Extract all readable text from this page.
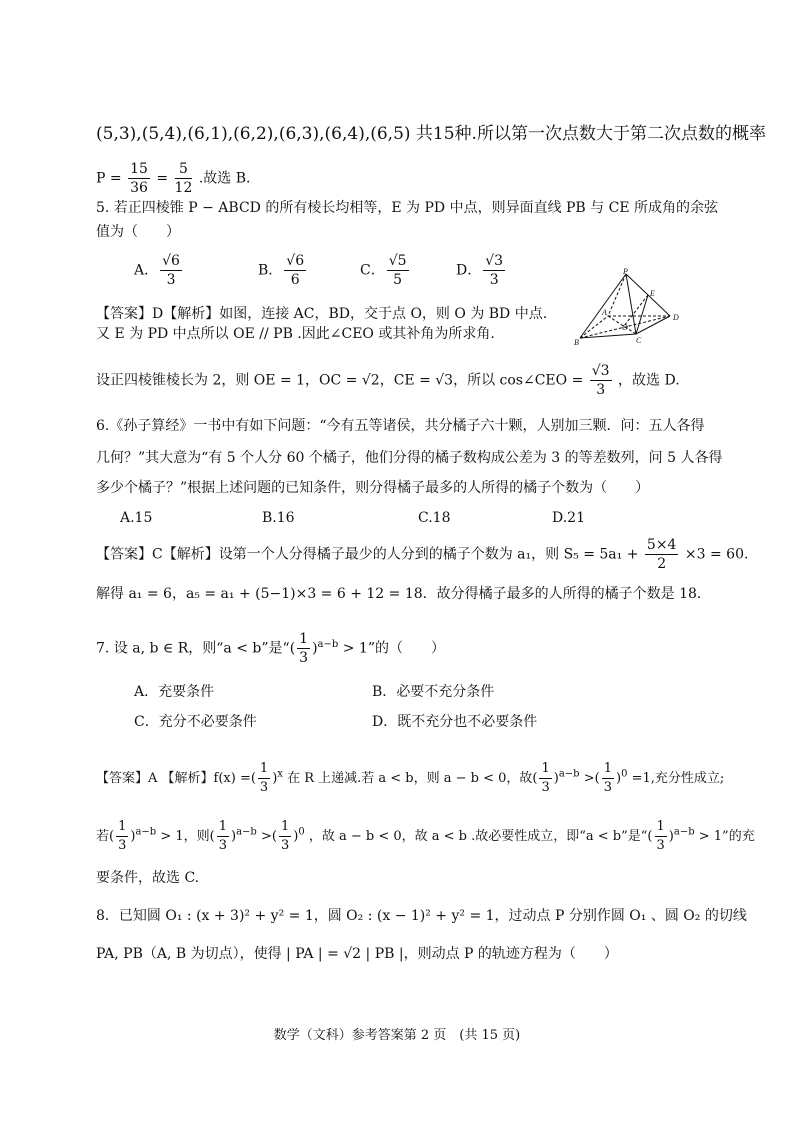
(5,3),(5,4),(6,1),(6,2),(6,3),(6,4),(6,5) 共15种.所以第一次点数大于第二次点数的概率
$P = \frac{15}{36} = \frac{5}{12}$ .故选 B.
5. 若正四棱锥 P − ABCD 的所有棱长均相等，E 为 PD 中点，则异面直线 PB 与 CE 所成角的余弦
值为（　　）
A． $\frac{√6}{3}$	B． $\frac{√6}{6}$	C． $\frac{√5}{5}$	D． $\frac{√3}{3}$
【答案】D【解析】如图，连接 AC，BD，交于点 O，则 O 为 BD 中点.
又 E 为 PD 中点所以 OE // PB .因此∠CEO 或其补角为所求角.
P
E
D
A
O
B	C
设正四棱锥棱长为 2，则 OE = 1，OC = √2，CE = √3，所以 cos∠CEO = $\frac{√3}{3}$ ，故选 D.
6.《孙子算经》一书中有如下问题：“今有五等诸侯，共分橘子六十颗，人别加三颗．问：五人各得
几何？”其大意为“有 5 个人分 60 个橘子，他们分得的橘子数构成公差为 3 的等差数列，问 5 人各得
多少个橘子？”根据上述问题的已知条件，则分得橘子最多的人所得的橘子个数为（　　）
A.15	B.16	C.18	D.21
【答案】C【解析】设第一个人分得橘子最少的人分到的橘子个数为 a₁，则 $S_5 = 5a_1 + \frac{5\times 4}{2} \times 3 = 60$.
解得 a₁ = 6，a₅ = a₁ + (5−1)×3 = 6 + 12 = 18．故分得橘子最多的人所得的橘子个数是 18．
7. 设 a, b ∈ R，则“a < b”是“( $\frac{1}{3} )^{a-b} > 1$”的（　　）
A．充要条件	B．必要不充分条件
C．充分不必要条件	D．既不充分也不必要条件
【答案】A 【解析】f(x) =( $\frac{1}{3} )^x$ 在 R 上递减.若 a < b，则 a − b < 0，故( $\frac{1}{3} )^{a-b}$ >( $\frac{1}{3} )^0 =1$,充分性成立;
若( $\frac{1}{3} )^{a-b} > 1$，则( $\frac{1}{3} )^{a-b}$ >( $\frac{1}{3} )^0$ ，故 a − b < 0，故 a < b .故必要性成立，即“a < b”是“( $\frac{1}{3} )^{a-b} > 1$”的充
要条件，故选 C.
8．已知圆 O₁ : (x + 3)² + y² = 1，圆 O₂ : (x − 1)² + y² = 1，过动点 P 分别作圆 O₁ 、圆 O₂ 的切线
PA, PB（A, B 为切点），使得 | PA | = √2 | PB |，则动点 P 的轨迹方程为（　　）
数学（文科）参考答案第 2 页　(共 15 页)
